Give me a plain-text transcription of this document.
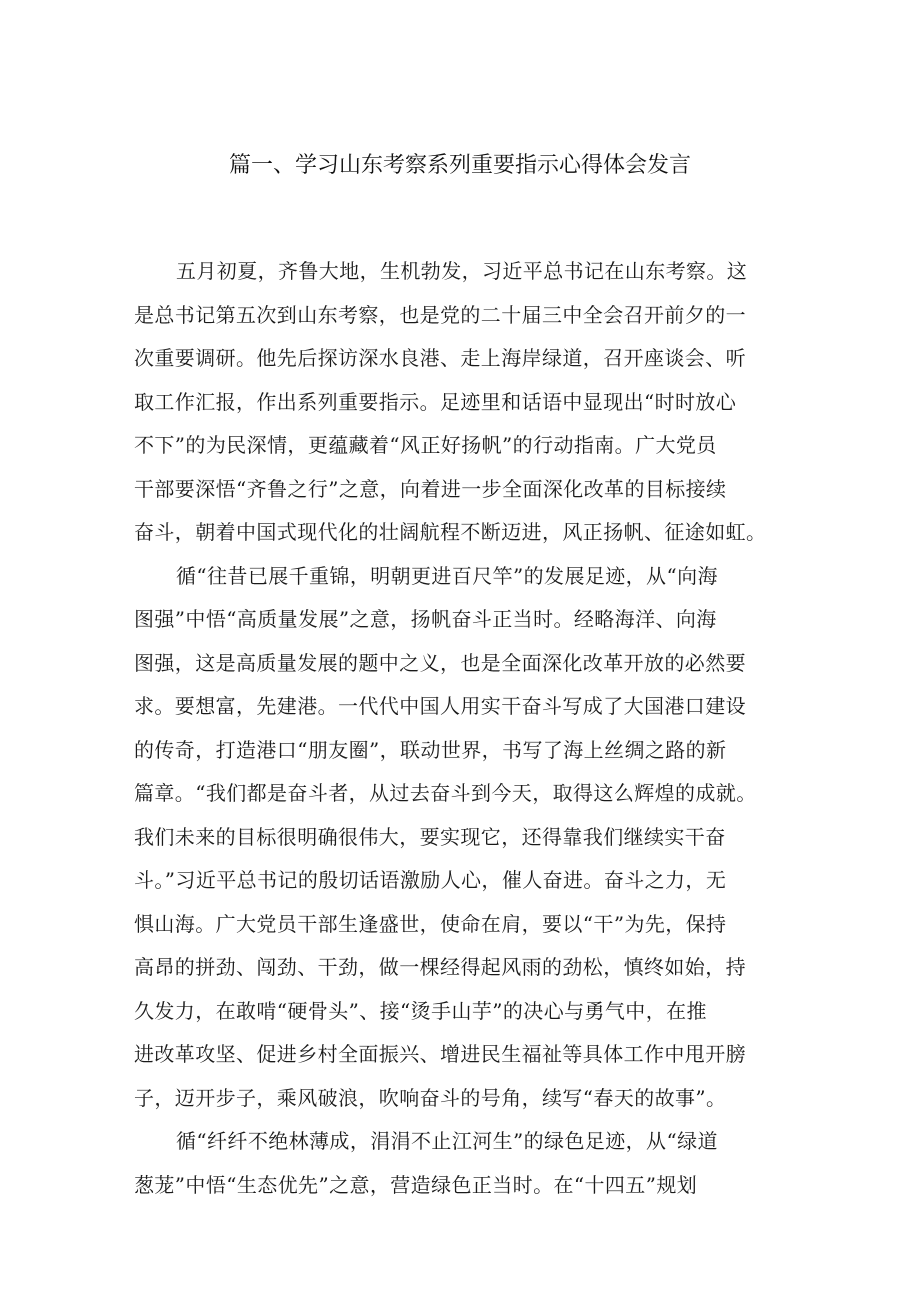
篇一、学习山东考察系列重要指示心得体会发言
五月初夏，齐鲁大地，生机勃发，习近平总书记在山东考察。这
是总书记第五次到山东考察，也是党的二十届三中全会召开前夕的一
次重要调研。他先后探访深水良港、走上海岸绿道，召开座谈会、听
取工作汇报，作出系列重要指示。足迹里和话语中显现出“时时放心
不下”的为民深情，更蕴藏着“风正好扬帆”的行动指南。广大党员
干部要深悟“齐鲁之行”之意，向着进一步全面深化改革的目标接续
奋斗，朝着中国式现代化的壮阔航程不断迈进，风正扬帆、征途如虹。
循“往昔已展千重锦，明朝更进百尺竿”的发展足迹，从“向海
图强”中悟“高质量发展”之意，扬帆奋斗正当时。经略海洋、向海
图强，这是高质量发展的题中之义，也是全面深化改革开放的必然要
求。要想富，先建港。一代代中国人用实干奋斗写成了大国港口建设
的传奇，打造港口“朋友圈”，联动世界，书写了海上丝绸之路的新
篇章。“我们都是奋斗者，从过去奋斗到今天，取得这么辉煌的成就。
我们未来的目标很明确很伟大，要实现它，还得靠我们继续实干奋
斗。”习近平总书记的殷切话语激励人心，催人奋进。奋斗之力，无
惧山海。广大党员干部生逢盛世，使命在肩，要以“干”为先，保持
高昂的拼劲、闯劲、干劲，做一棵经得起风雨的劲松，慎终如始，持
久发力，在敢啃“硬骨头”、接“烫手山芋”的决心与勇气中，在推
进改革攻坚、促进乡村全面振兴、增进民生福祉等具体工作中甩开膀
子，迈开步子，乘风破浪，吹响奋斗的号角，续写“春天的故事”。
循“纤纤不绝林薄成，涓涓不止江河生”的绿色足迹，从“绿道
葱茏”中悟“生态优先”之意，营造绿色正当时。在“十四五”规划
